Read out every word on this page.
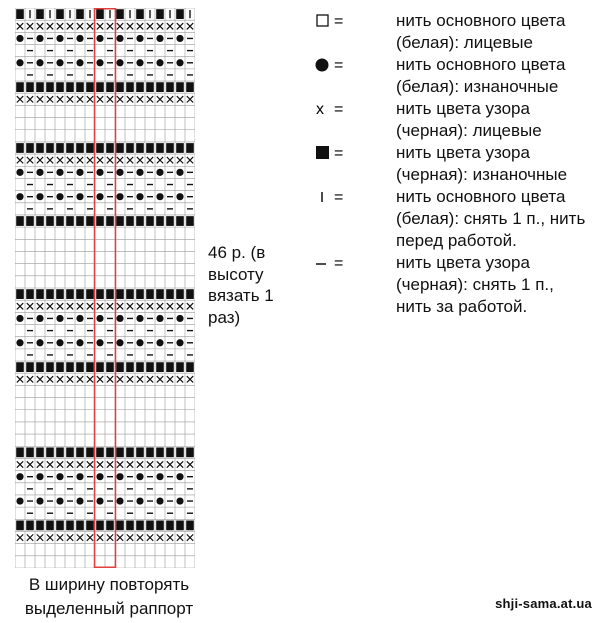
46 р. (в высоту вязать 1 раз)
В ширину повторять выделенный раппорт
=	нить основного цвета (белая): лицевые
=	нить основного цвета (белая): изнаночные
x =	нить цвета узора (черная): лицевые
=	нить цвета узора (черная): изнаночные
=	нить основного цвета (белая): снять 1 п., нить перед работой.
=	нить цвета узора (черная): снять 1 п., нить за работой.
shji-sama.at.ua
